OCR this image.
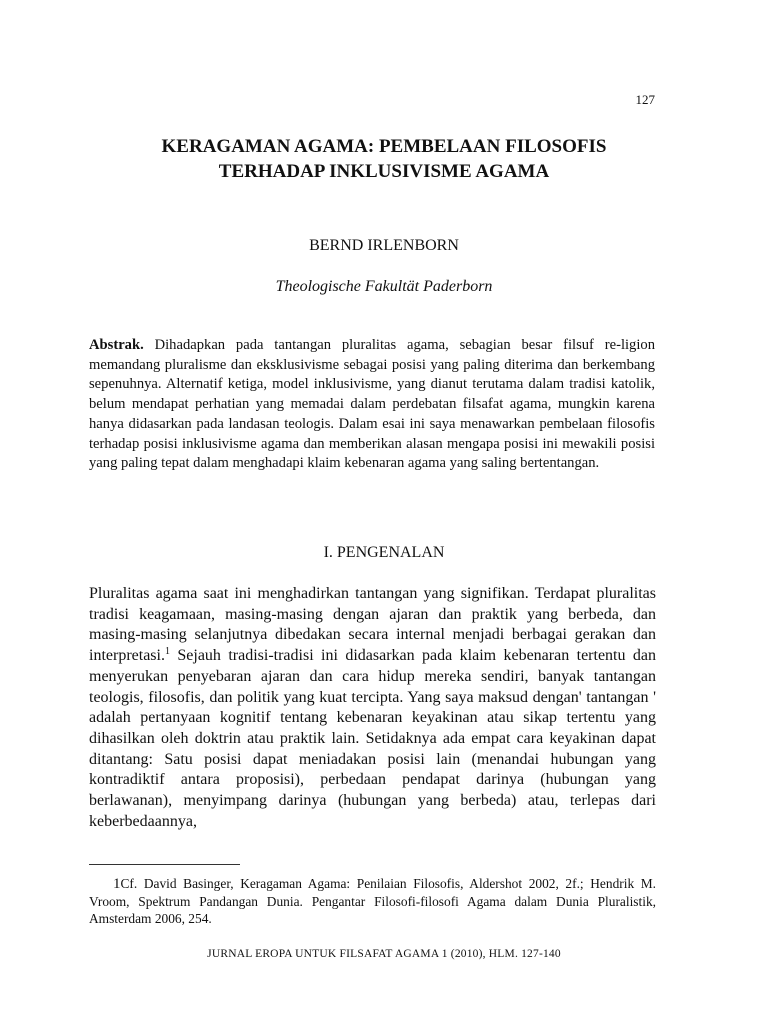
127
KERAGAMAN AGAMA: PEMBELAAN FILOSOFIS
TERHADAP INKLUSIVISME AGAMA
BERND IRLENBORN
Theologische Fakultät Paderborn

Abstrak. Dihadapkan pada tantangan pluralitas agama, sebagian besar filsuf re-ligion memandang pluralisme dan eksklusivisme sebagai posisi yang paling diterima dan berkembang sepenuhnya. Alternatif ketiga, model inklusivisme, yang dianut terutama dalam tradisi katolik, belum mendapat perhatian yang memadai dalam perdebatan filsafat agama, mungkin karena hanya didasarkan pada landasan teologis. Dalam esai ini saya menawarkan pembelaan filosofis terhadap posisi inklusivisme agama dan memberikan alasan mengapa posisi ini mewakili posisi yang paling tepat dalam menghadapi klaim kebenaran agama yang saling bertentangan.

I. PENGENALAN

Pluralitas agama saat ini menghadirkan tantangan yang signifikan. Terdapat pluralitas tradisi keagamaan, masing-masing dengan ajaran dan praktik yang berbeda, dan masing-masing selanjutnya dibedakan secara internal menjadi berbagai gerakan dan interpretasi.$^1$ Sejauh tradisi-tradisi ini didasarkan pada klaim kebenaran tertentu dan menyerukan penyebaran ajaran dan cara hidup mereka sendiri, banyak tantangan teologis, filosofis, dan politik yang kuat tercipta. Yang saya maksud dengan' tantangan ' adalah pertanyaan kognitif tentang kebenaran keyakinan atau sikap tertentu yang dihasilkan oleh doktrin atau praktik lain. Setidaknya ada empat cara keyakinan dapat ditantang: Satu posisi dapat meniadakan posisi lain (menandai hubungan yang kontradiktif antara proposisi), perbedaan pendapat darinya (hubungan yang berlawanan), menyimpang darinya (hubungan yang berbeda) atau, terlepas dari keberbedaannya,

1Cf. David Basinger, Keragaman Agama: Penilaian Filosofis, Aldershot 2002, 2f.; Hendrik M. Vroom, Spektrum Pandangan Dunia. Pengantar Filosofi-filosofi Agama dalam Dunia Pluralistik, Amsterdam 2006, 254.

JURNAL EROPA UNTUK FILSAFAT AGAMA 1 (2010), HLM. 127-140
